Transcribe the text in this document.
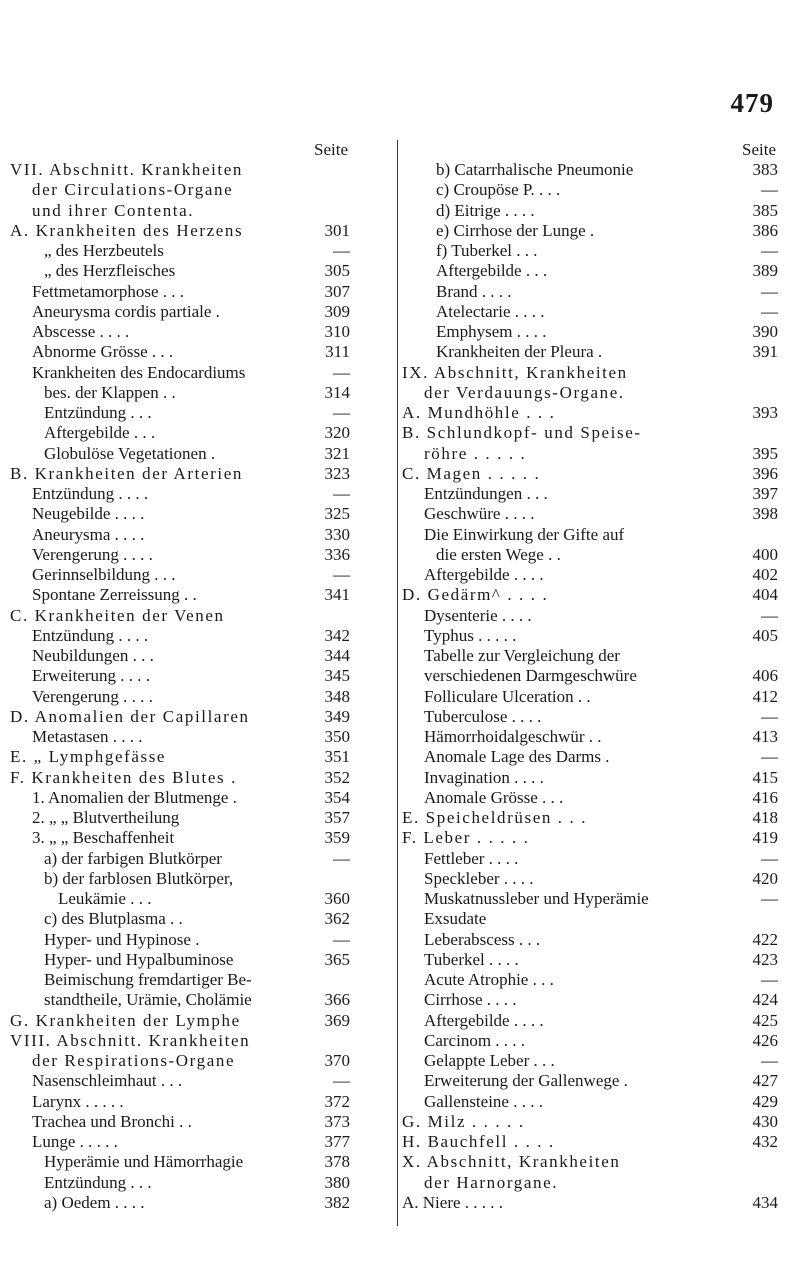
479
Seite
VII. Abschnitt. Krankheiten
der Circulations-Organe
und ihrer Contenta.
A. Krankheiten des Herzens	301
„ des Herzbeutels	—
„ des Herzfleisches	305
Fettmetamorphose . . .	307
Aneurysma cordis partiale .	309
Abscesse . . . .	310
Abnorme Grösse . . .	311
Krankheiten des Endocardiums	—
bes. der Klappen . .	314
Entzündung . . .	—
Aftergebilde . . .	320
Globulöse Vegetationen .	321
B. Krankheiten der Arterien	323
Entzündung . . . .	—
Neugebilde . . . .	325
Aneurysma . . . .	330
Verengerung . . . .	336
Gerinnselbildung . . .	—
Spontane Zerreissung . .	341
C. Krankheiten der Venen
Entzündung . . . .	342
Neubildungen . . .	344
Erweiterung . . . .	345
Verengerung . . . .	348
D. Anomalien der Capillaren	349
Metastasen . . . .	350
E. „ Lymphgefässe	351
F. Krankheiten des Blutes .	352
1. Anomalien der Blutmenge .	354
2. „ „ Blutvertheilung	357
3. „ „ Beschaffenheit	359
a) der farbigen Blutkörper	—
b) der farblosen Blutkörper,
Leukämie . . .	360
c) des Blutplasma . .	362
Hyper- und Hypinose .	—
Hyper- und Hypalbuminose	365
Beimischung fremdartiger Be-
standtheile, Urämie, Cholämie	366
G. Krankheiten der Lymphe	369
VIII. Abschnitt. Krankheiten
der Respirations-Organe	370
Nasenschleimhaut . . .	—
Larynx . . . . .	372
Trachea und Bronchi . .	373
Lunge . . . . .	377
Hyperämie und Hämorrhagie	378
Entzündung . . .	380
a) Oedem . . . .	382
Seite
b) Catarrhalische Pneumonie	383
c) Croupöse P. . . .	—
d) Eitrige . . . .	385
e) Cirrhose der Lunge .	386
f) Tuberkel . . .	—
Aftergebilde . . .	389
Brand . . . .	—
Atelectarie . . . .	—
Emphysem . . . .	390
Krankheiten der Pleura .	391
IX. Abschnitt, Krankheiten
der Verdauungs-Organe.
A. Mundhöhle . . .	393
B. Schlundkopf- und Speise-
röhre . . . . .	395
C. Magen . . . . .	396
Entzündungen . . .	397
Geschwüre . . . .	398
Die Einwirkung der Gifte auf
die ersten Wege . .	400
Aftergebilde . . . .	402
D. Gedärm^ . . . .	404
Dysenterie . . . .	—
Typhus . . . . .	405
Tabelle zur Vergleichung der
verschiedenen Darmgeschwüre	406
Folliculare Ulceration . .	412
Tuberculose . . . .	—
Hämorrhoidalgeschwür . .	413
Anomale Lage des Darms .	—
Invagination . . . .	415
Anomale Grösse . . .	416
E. Speicheldrüsen . . .	418
F. Leber . . . . .	419
Fettleber . . . .	—
Speckleber . . . .	420
Muskatnussleber und Hyperämie	—
Exsudate
Leberabscess . . .	422
Tuberkel . . . .	423
Acute Atrophie . . .	—
Cirrhose . . . .	424
Aftergebilde . . . .	425
Carcinom . . . .	426
Gelappte Leber . . .	—
Erweiterung der Gallenwege .	427
Gallensteine . . . .	429
G. Milz . . . . .	430
H. Bauchfell . . . .	432
X. Abschnitt, Krankheiten
der Harnorgane.
A. Niere . . . . .	434
